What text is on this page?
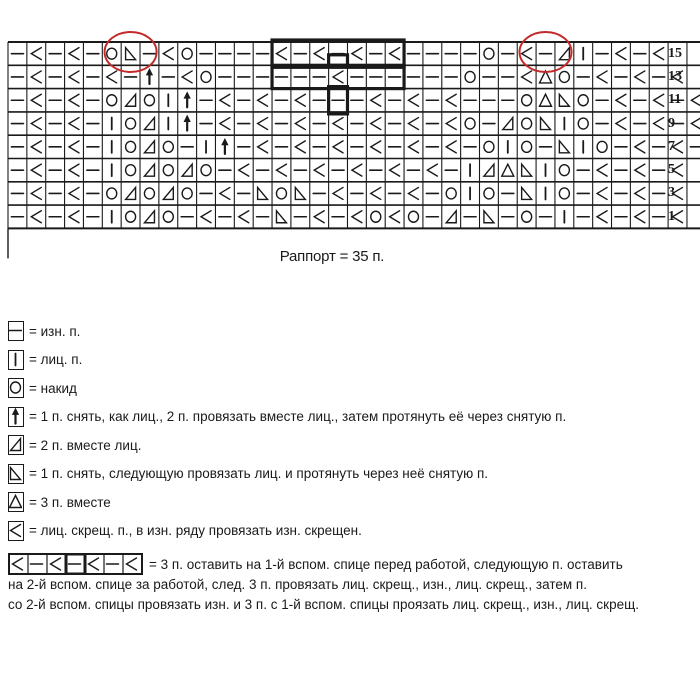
15
13
11
9
7
5
3
1
Раппорт = 35 п.
= изн. п.
= лиц. п.
= накид
= 1 п. снять, как лиц., 2 п. провязать вместе лиц., затем протянуть её через снятую п.
= 2 п. вместе лиц.
= 1 п. снять, следующую провязать лиц. и протянуть через неё снятую п.
= 3 п. вместе
= лиц. скрещ. п., в изн. ряду провязать изн. скрещен.
= 3 п. оставить на 1-й вспом. спице перед работой, следующую п. оставить
на 2-й вспом. спице за работой, след. 3 п. провязать лиц. скрещ., изн., лиц. скрещ., затем п.
со 2-й вспом. спицы провязать изн. и 3 п. с 1-й вспом. спицы проязать лиц. скрещ., изн., лиц. скрещ.
